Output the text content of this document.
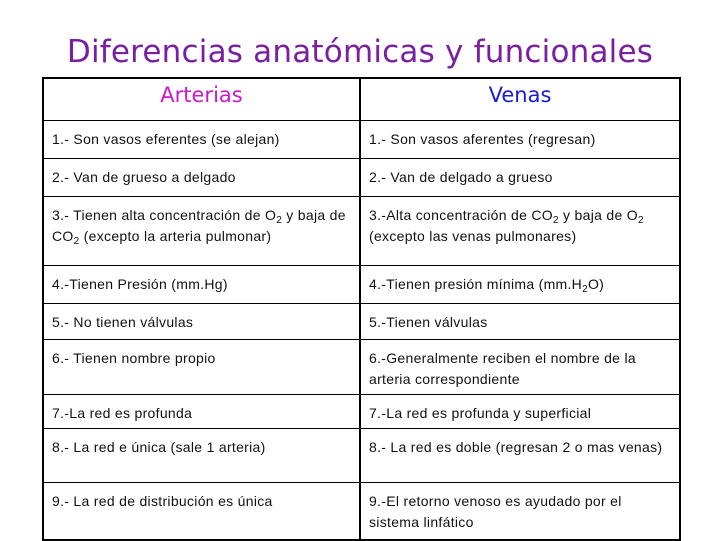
Diferencias anatómicas y funcionales
Arterias	Venas
1.- Son vasos eferentes (se alejan)	1.- Son vasos aferentes (regresan)
2.- Van de grueso a delgado	2.- Van de delgado a grueso
3.- Tienen alta concentración de $O_2$ y baja de $CO_2$ (excepto la arteria pulmonar)	3.-Alta concentración de $CO_2$ y baja de $O_2$ (excepto las venas pulmonares)
4.-Tienen Presión (mm.Hg)	4.-Tienen presión mínima $(mm.H_2O)$
5.- No tienen válvulas	5.-Tienen válvulas
6.- Tienen nombre propio	6.-Generalmente reciben el nombre de la arteria correspondiente
7.-La red es profunda	7.-La red es profunda y superficial
8.- La red e única (sale 1 arteria)	8.- La red es doble (regresan 2 o mas venas)
9.- La red de distribución es única	9.-El retorno venoso es ayudado por el sistema linfático
